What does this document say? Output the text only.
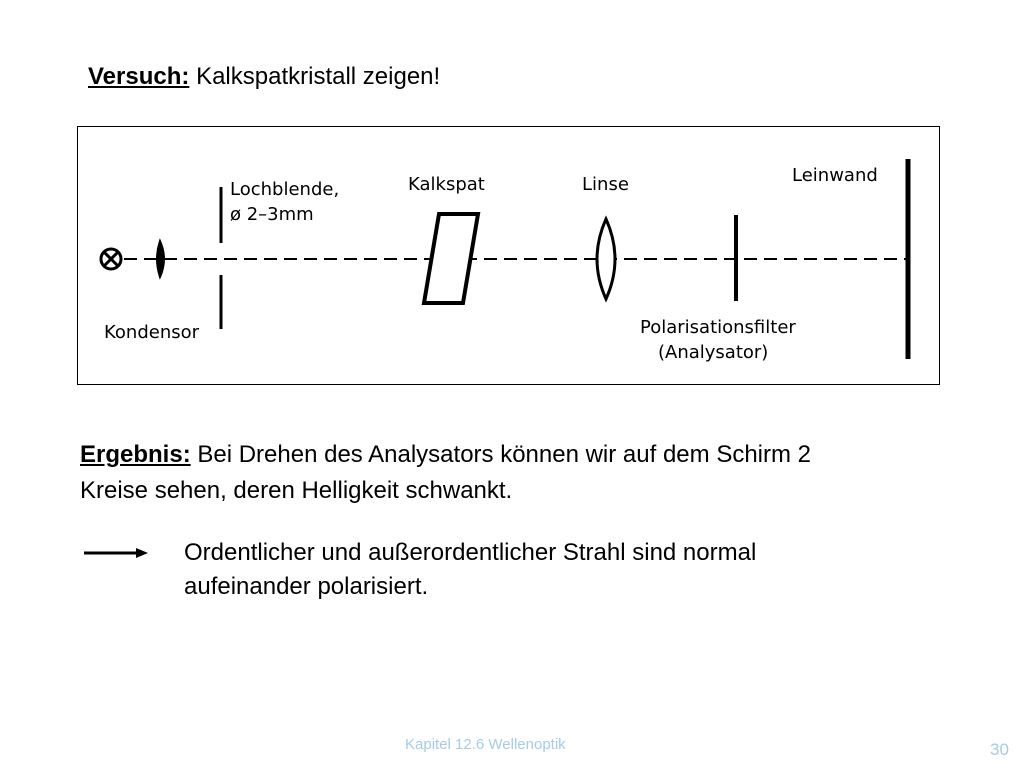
Versuch: Kalkspatkristall zeigen!
Lochblende,
ø 2–3mm
Kalkspat	Linse	Leinwand
Kondensor	Polarisationsfilter
(Analysator)
Ergebnis: Bei Drehen des Analysators können wir auf dem Schirm 2
Kreise sehen, deren Helligkeit schwankt.
Ordentlicher und außerordentlicher Strahl sind normal
aufeinander polarisiert.
Kapitel 12.6 Wellenoptik	30
